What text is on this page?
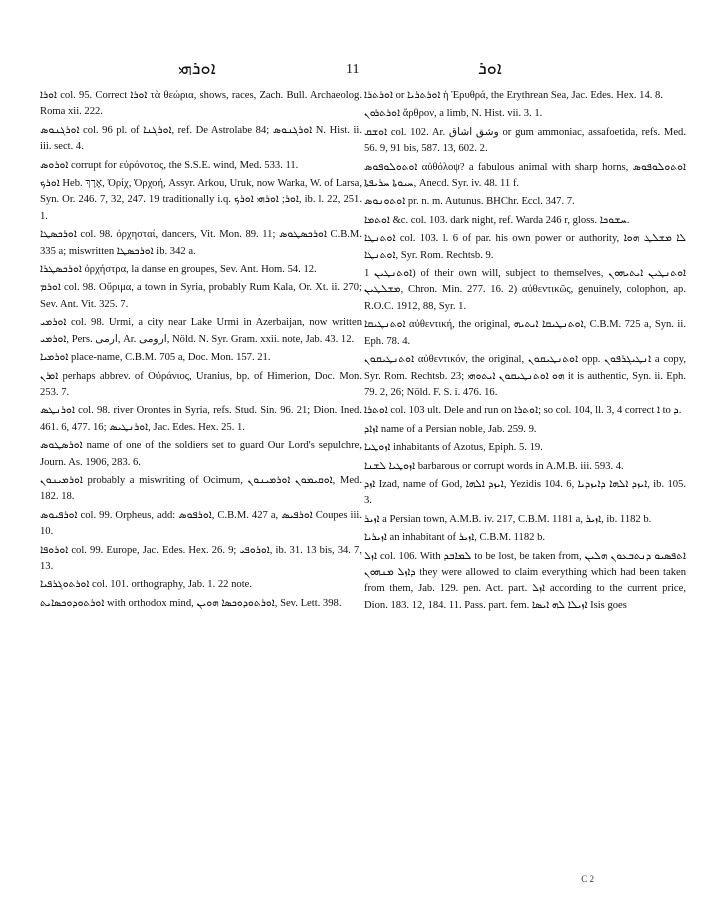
ܐܘܪܗܝ	11	ܐܘܪ

ܐܘܪܐ col. 95. Correct ܐܘܪܐ τὰ θεώρια, shows, races, Zach. Bull. Archaeolog. Roma xii. 222.

ܐܘܪܓܢܘܣ col. 96 pl. of ܐܘܪܓܢܐ, ref. De Astrolabe 84; ܐܘܪܓܢܘܣ N. Hist. ii. iii. sect. 4.

ܐܘܪܘܣ corrupt for εὐρόνοτος, the S.S.E. wind, Med. 533. 11.

ܐܘܪܟ Heb. אֶרֶךְ, Ὀρίχ, Ὀρχοή, Assyr. Arkou, Uruk, now Warka, W. of Larsa, Syn. Or. 246. 7, 32, 247. 19 traditionally i.q. ܐܘܪ; ܐܘܪܗܝ ܐܘܪܟ, ib. l. 22, 251. 1.

ܐܘܪܟܣܛܐ col. 98. ὀρχησταί, dancers, Vit. Mon. 89. 11; ܐܘܪܟܣܛܘܣ C.B.M. 335 a; miswritten ܐܘܪܟܣܛܐ ib. 342 a.

ܐܘܪܟܣܛܪܐ ὀρχήστρα, la danse en groupes, Sev. Ant. Hom. 54. 12.

ܐܘܪܡ col. 98. Οὔριμα, a town in Syria, probably Rum Kala, Or. Xt. ii. 270; Sev. Ant. Vit. 325. 7.

ܐܘܪܡܝ col. 98. Urmi, a city near Lake Urmi in Azerbaijan, now written ܐܘܪܡܝ, Pers. ارمی, Ar. ارومی, Nöld. N. Syr. Gram. xxii. note, Jab. 43. 12.

ܐܘܪܡܝܐ place-name, C.B.M. 705 a, Doc. Mon. 157. 21.

ܐܘܪܢ perhaps abbrev. of Οὐράνιος, Uranius, bp. of Himerion, Doc. Mon. 253. 7.

ܐܘܪܢܛܣ col. 98. river Orontes in Syria, refs. Stud. Sin. 96. 21; Dion. Ined. 461. 6, 477. 16; ܐܘܪܢܛܝܣ, Jac. Edes. Hex. 25. 1.

ܐܘܪܣܛܘܣ name of one of the soldiers set to guard Our Lord's sepulchre, Journ. As. 1906, 283. 6.

ܐܘܪܡܝܢܘܢ probably a miswriting of Ocimum, ܐܘܩܝܡܘܢ ܐܘܪܡܝܢܘܢ, Med. 182. 18.

ܐܘܪܦܝܘܣ col. 99. Orpheus, add: ܐܘܪܦܘܣ, C.B.M. 427 a, ܐܘܪܦܝܣ Coupes iii. 10.

ܐܘܪܘܦܐ col. 99. Europe, Jac. Edes. Hex. 26. 9; ܐܘܪܘܦܝ, ib. 31. 13 bis, 34. 7, 13.

ܐܘܪܬܘܓܪܦܝܐ col. 101. orthography, Jab. 1. 22 note.

ܐܘܪܬܘܕܘܟܣܐܝܬ with orthodox mind, ܐܘܪܬܘܕܘܟܣܐ ܗܘܝܢ, Sev. Lett. 398.

ܐܘܪܬܪܐ or ܐܘܪܬܪܝܐ ἡ Ἐρυθρά, the Erythrean Sea, Jac. Edes. Hex. 14. 8.

ܐܘܪܬܪܘܢ ἄρθρον, a limb, N. Hist. vii. 3. 1.

ܐܘܫܩ col. 102. Ar. وشق اشاق or gum ammoniac, assafoetida, refs. Med. 56. 9, 91 bis, 587. 13, 602. 2.

ܐܘܬܘܠܘܦܘܣ αὐθόλοψ? a fabulous animal with sharp horns, ܐܘܬܘܠܘܦܘܣ ܚܝܘܬܐ ܚܪܝܦܬܐ, Anecd. Syr. iv. 48. 11 f.

ܐܘܬܘܢܘܣ pr. n. m. Autunus. BHChr. Eccl. 347. 7.

ܐܘܬܡܐ &c. col. 103. dark night, ref. Warda 246 r, gloss. ܚܫܘܟܐ.

ܐܘܬܢܛܐ col. 103. l. 6 of par. his own power or authority, ܠܐ ܡܫܠܛ ܗܘܐ ܐܘܬܢܛܐ, Syr. Rom. Rechtsb. 9.

ܐܘܬܢܛܝܢ 1) of their own will, subject to themselves, ܐܘܬܢܛܝܢ ܐܝܬܝܗܘܢ ܡܫܠܛܝܢ, Chron. Min. 277. 16. 2) αὐθεντικῶς, genuinely, colophon, ap. R.O.C. 1912, 88, Syr. 1.

ܐܘܬܢܛܝܩܐ αὐθεντική, the original, ܐܘܬܢܛܝܩܐ ܐܝܬܝܗ, C.B.M. 725 a, Syn. ii. Eph. 78. 4.

ܐܘܬܢܛܝܩܘܢ αὐθεντικόν, the original, ܐܘܬܢܛܝܩܘܢ opp. ܐܢܛܝܓܪܦܘܢ a copy, Syr. Rom. Rechtsb. 23; ܗܘ ܐܘܬܢܛܝܩܘܢ ܐܝܬܘܗܝ it is authentic, Syn. ii. Eph. 79. 2, 26; Nöld. F. S. i. 476. 16.

ܐܘܬܪܐ col. 103 ult. Dele and run on ܐܘܬܪܐ; so col. 104, ll. 3, 4 correct ܐ to ܕ.

ܐܙܐܕ name of a Persian noble, Jab. 259. 9.

ܐܙܘܛܝܐ inhabitants of Azotus, Epiph. 5. 19.

ܐܙܘܛܝܐ ܠܫܢܐ barbarous or corrupt words in A.M.B. iii. 593. 4.

ܐܙܕ Izad, name of God, ܐܝܙܕ ܐܠܗܐ, Yezidis 104. 6, ܐܝܙܕ ܐܠܗܐ ܕܐܝܙܕܝܐ, ib. 105. 3.

ܐܙܝܪ a Persian town, A.M.B. iv. 217, C.B.M. 1181 a, ܐܙܝܪ, ib. 1182 b.

ܐܙܝܪܝܐ an inhabitant of ܐܙܝܪ, C.B.M. 1182 b.

ܐܙܠ col. 106. With ܠܡܐܒܕ to be lost, be taken from, ܐܬܦܣܝܘ ܕܢܬܒܥܘܢ ܗܠܝܢ ܕܐܙܠ ܡܢܗܘܢ they were allowed to claim everything which had been taken from them, Jab. 129. pen. Act. part. ܐܙܠ according to the current price, Dion. 183. 12, 184. 11. Pass. part. fem. ܐܙܝܠܐ ܠܗ ܐܝܣܐ Isis goes

C 2
